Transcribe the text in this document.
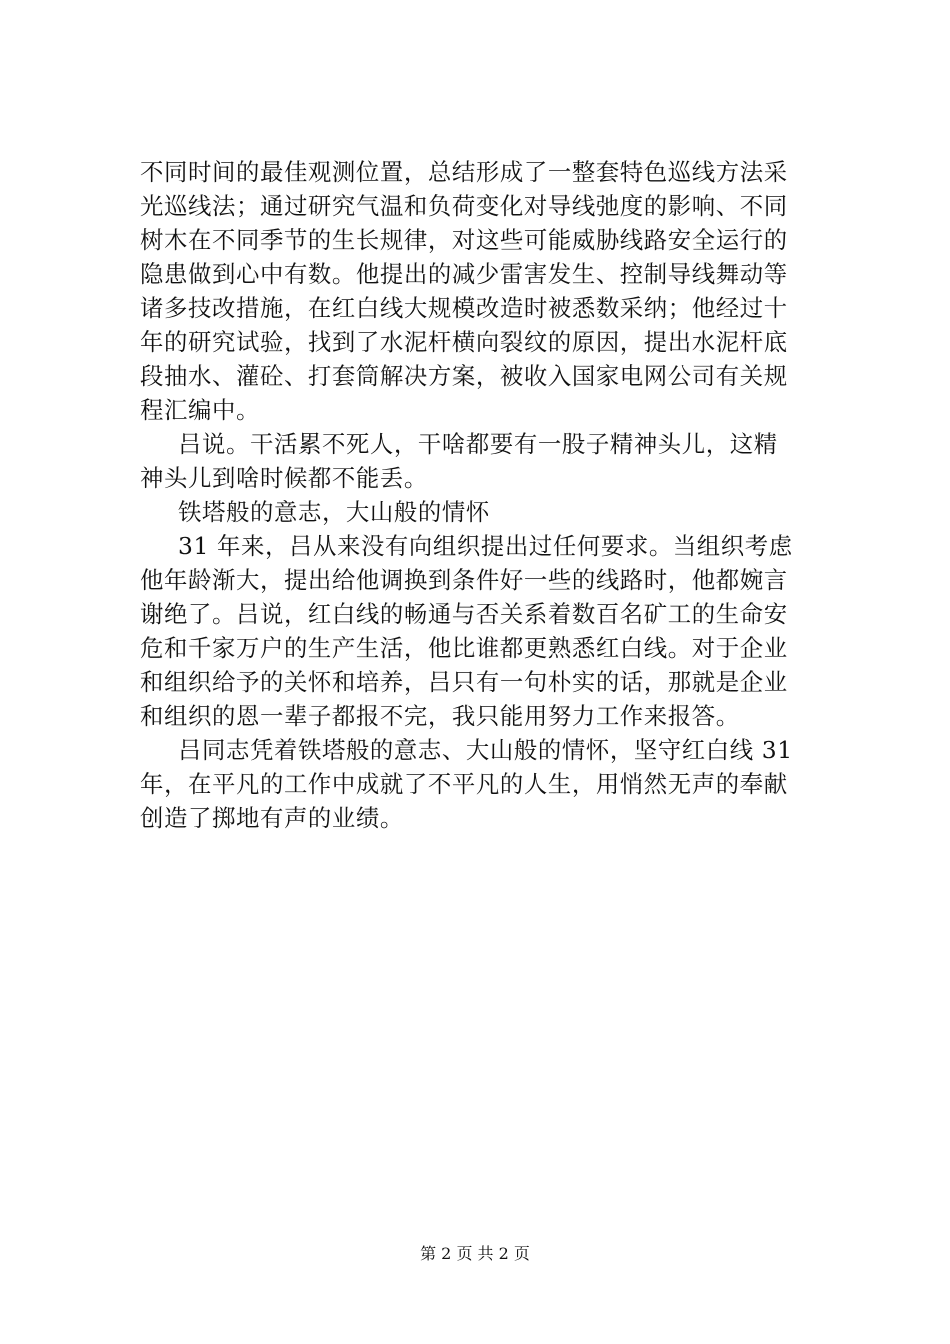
不同时间的最佳观测位置，总结形成了一整套特色巡线方法采
光巡线法；通过研究气温和负荷变化对导线弛度的影响、不同
树木在不同季节的生长规律，对这些可能威胁线路安全运行的
隐患做到心中有数。他提出的减少雷害发生、控制导线舞动等
诸多技改措施，在红白线大规模改造时被悉数采纳；他经过十
年的研究试验，找到了水泥杆横向裂纹的原因，提出水泥杆底
段抽水、灌砼、打套筒解决方案，被收入国家电网公司有关规
程汇编中。
吕说。干活累不死人，干啥都要有一股子精神头儿，这精
神头儿到啥时候都不能丢。
铁塔般的意志，大山般的情怀
31 年来，吕从来没有向组织提出过任何要求。当组织考虑
他年龄渐大，提出给他调换到条件好一些的线路时，他都婉言
谢绝了。吕说，红白线的畅通与否关系着数百名矿工的生命安
危和千家万户的生产生活，他比谁都更熟悉红白线。对于企业
和组织给予的关怀和培养，吕只有一句朴实的话，那就是企业
和组织的恩一辈子都报不完，我只能用努力工作来报答。
吕同志凭着铁塔般的意志、大山般的情怀，坚守红白线 31
年，在平凡的工作中成就了不平凡的人生，用悄然无声的奉献
创造了掷地有声的业绩。
第 2 页 共 2 页
